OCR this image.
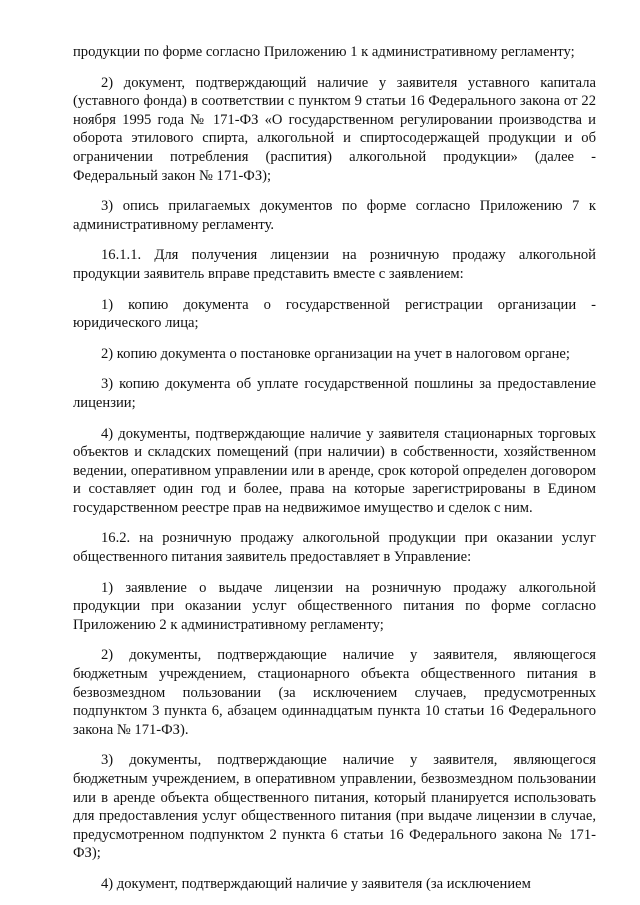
продукции по форме согласно Приложению 1 к административному регламенту;

2) документ, подтверждающий наличие у заявителя уставного капитала (уставного фонда) в соответствии с пунктом 9 статьи 16 Федерального закона от 22 ноября 1995 года № 171-ФЗ «О государственном регулировании производства и оборота этилового спирта, алкогольной и спиртосодержащей продукции и об ограничении потребления (распития) алкогольной продукции» (далее - Федеральный закон № 171-ФЗ);

3) опись прилагаемых документов по форме согласно Приложению 7 к административному регламенту.

16.1.1. Для получения лицензии на розничную продажу алкогольной продукции заявитель вправе представить вместе с заявлением:

1) копию документа о государственной регистрации организации - юридического лица;

2) копию документа о постановке организации на учет в налоговом органе;

3) копию документа об уплате государственной пошлины за предоставление лицензии;

4) документы, подтверждающие наличие у заявителя стационарных торговых объектов и складских помещений (при наличии) в собственности, хозяйственном ведении, оперативном управлении или в аренде, срок которой определен договором и составляет один год и более, права на которые зарегистрированы в Едином государственном реестре прав на недвижимое имущество и сделок с ним.

16.2. на розничную продажу алкогольной продукции при оказании услуг общественного питания заявитель предоставляет в Управление:

1) заявление о выдаче лицензии на розничную продажу алкогольной продукции при оказании услуг общественного питания по форме согласно Приложению 2 к административному регламенту;

2) документы, подтверждающие наличие у заявителя, являющегося бюджетным учреждением, стационарного объекта общественного питания в безвозмездном пользовании (за исключением случаев, предусмотренных подпунктом 3 пункта 6, абзацем одиннадцатым пункта 10 статьи 16 Федерального закона № 171-ФЗ).

3) документы, подтверждающие наличие у заявителя, являющегося бюджетным учреждением, в оперативном управлении, безвозмездном пользовании или в аренде объекта общественного питания, который планируется использовать для предоставления услуг общественного питания (при выдаче лицензии в случае, предусмотренном подпунктом 2 пункта 6 статьи 16 Федерального закона № 171-ФЗ);

4) документ, подтверждающий наличие у заявителя (за исключением
